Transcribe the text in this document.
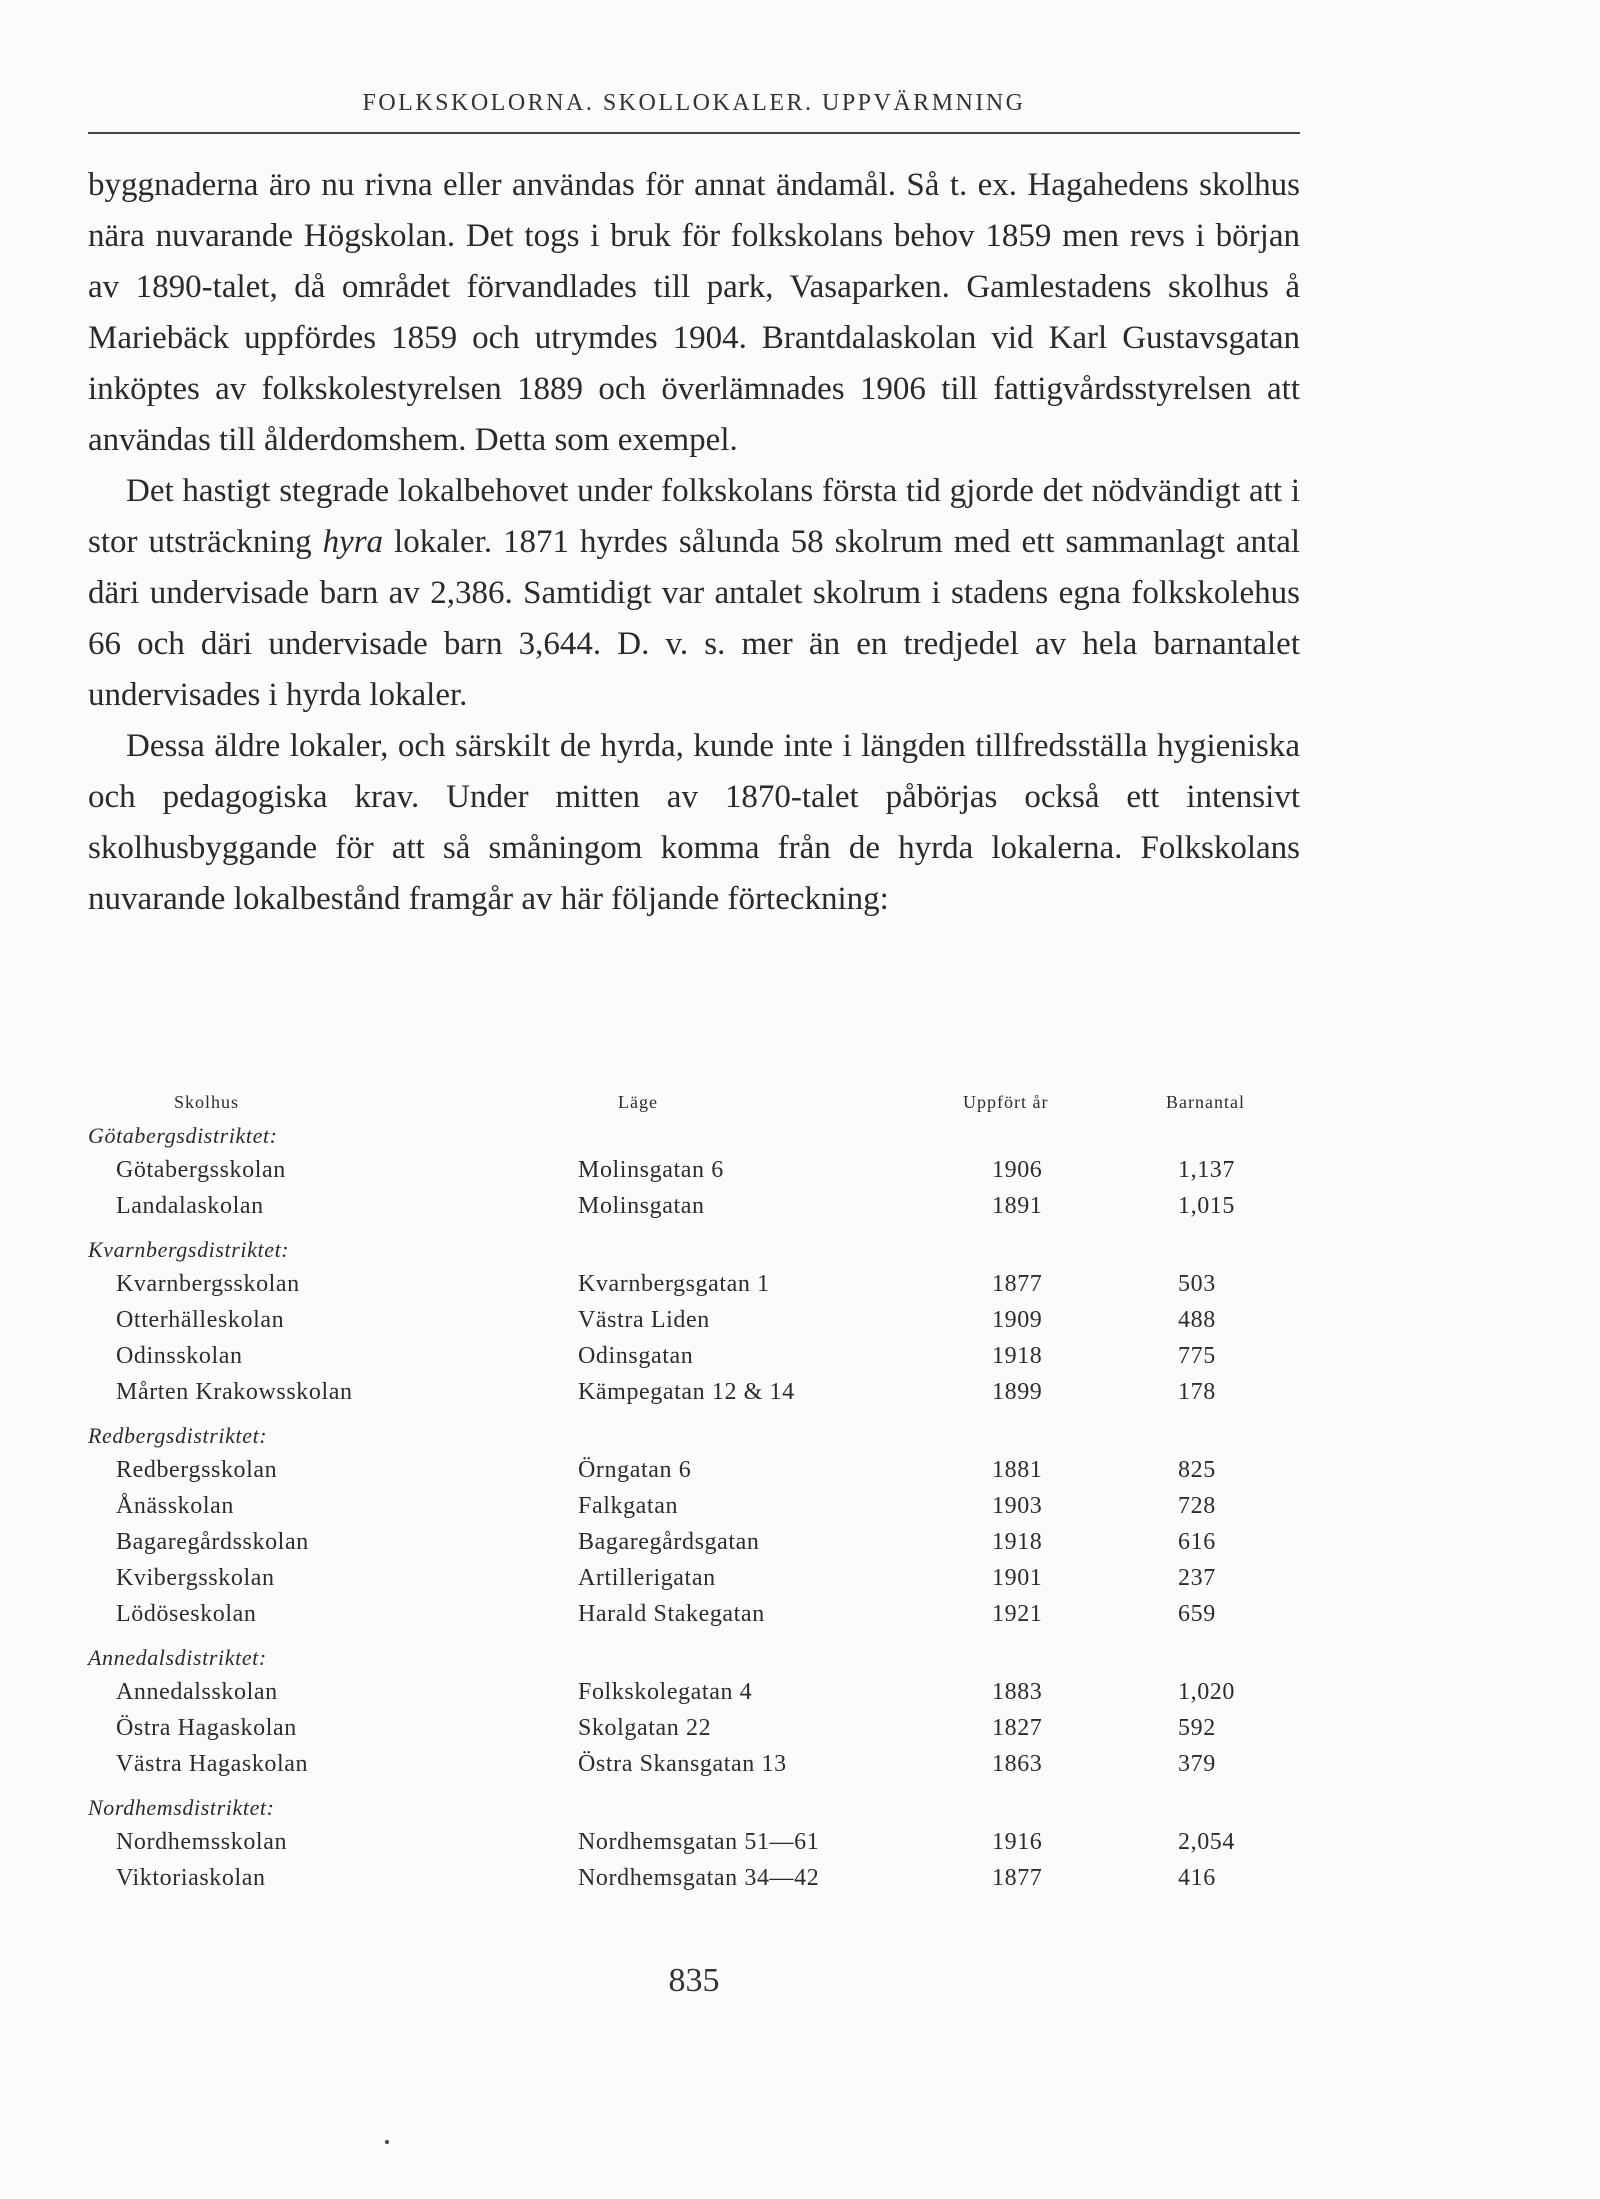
FOLKSKOLORNA. SKOLLOKALER. UPPVÄRMNING

byggnaderna äro nu rivna eller användas för annat ändamål. Så t. ex. Hagahedens skolhus nära nuvarande Högskolan. Det togs i bruk för folkskolans behov 1859 men revs i början av 1890-talet, då området förvandlades till park, Vasaparken. Gamlestadens skolhus å Mariebäck uppfördes 1859 och utrymdes 1904. Brantdalaskolan vid Karl Gustavsgatan inköptes av folkskolestyrelsen 1889 och överlämnades 1906 till fattigvårdsstyrelsen att användas till ålderdomshem. Detta som exempel.

Det hastigt stegrade lokalbehovet under folkskolans första tid gjorde det nödvändigt att i stor utsträckning hyra lokaler. 1871 hyrdes sålunda 58 skolrum med ett sammanlagt antal däri undervisade barn av 2,386. Samtidigt var antalet skolrum i stadens egna folkskolehus 66 och däri undervisade barn 3,644. D. v. s. mer än en tredjedel av hela barnantalet undervisades i hyrda lokaler.

Dessa äldre lokaler, och särskilt de hyrda, kunde inte i längden tillfredsställa hygieniska och pedagogiska krav. Under mitten av 1870-talet påbörjas också ett intensivt skolhusbyggande för att så småningom komma från de hyrda lokalerna. Folkskolans nuvarande lokalbestånd framgår av här följande förteckning:

Skolhus	Läge	Uppfört år	Barnantal
Götabergsdistriktet:
Götabergsskolan	Molinsgatan 6	1906	1,137
Landalaskolan	Molinsgatan	1891	1,015
Kvarnbergsdistriktet:
Kvarnbergsskolan	Kvarnbergsgatan 1	1877	503
Otterhälleskolan	Västra Liden	1909	488
Odinsskolan	Odinsgatan	1918	775
Mårten Krakowsskolan	Kämpegatan 12 & 14	1899	178
Redbergsdistriktet:
Redbergsskolan	Örngatan 6	1881	825
Ånässkolan	Falkgatan	1903	728
Bagaregårdsskolan	Bagaregårdsgatan	1918	616
Kvibergsskolan	Artillerigatan	1901	237
Lödöseskolan	Harald Stakegatan	1921	659
Annedalsdistriktet:
Annedalsskolan	Folkskolegatan 4	1883	1,020
Östra Hagaskolan	Skolgatan 22	1827	592
Västra Hagaskolan	Östra Skansgatan 13	1863	379
Nordhemsdistriktet:
Nordhemsskolan	Nordhemsgatan 51—61	1916	2,054
Viktoriaskolan	Nordhemsgatan 34—42	1877	416
835
